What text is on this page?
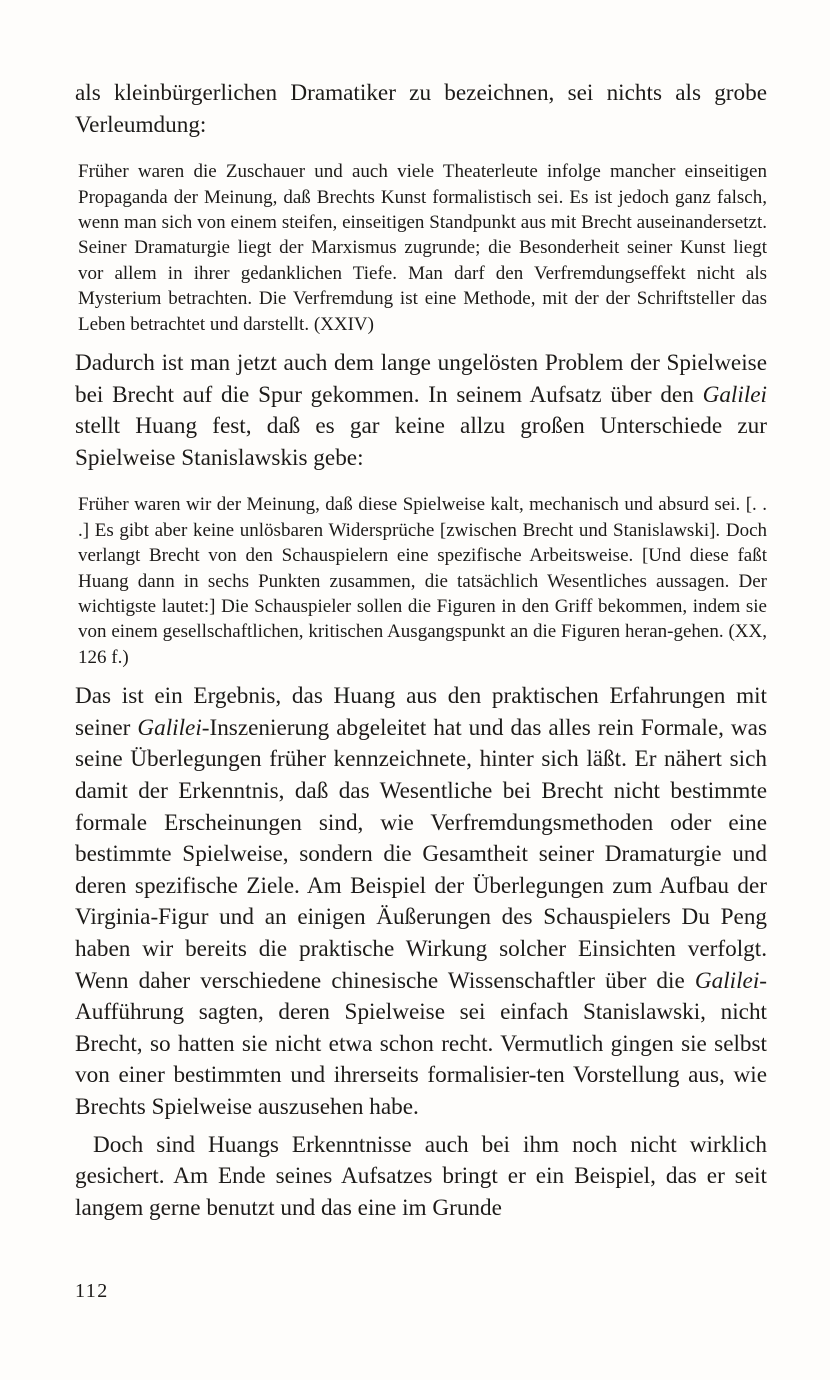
als kleinbürgerlichen Dramatiker zu bezeichnen, sei nichts als grobe Verleumdung:

Früher waren die Zuschauer und auch viele Theaterleute infolge mancher einseitigen Propaganda der Meinung, daß Brechts Kunst formalistisch sei. Es ist jedoch ganz falsch, wenn man sich von einem steifen, einseitigen Standpunkt aus mit Brecht auseinandersetzt. Seiner Dramaturgie liegt der Marxismus zugrunde; die Besonderheit seiner Kunst liegt vor allem in ihrer gedanklichen Tiefe. Man darf den Verfremdungseffekt nicht als Mysterium betrachten. Die Verfremdung ist eine Methode, mit der der Schriftsteller das Leben betrachtet und darstellt. (XXIV)

Dadurch ist man jetzt auch dem lange ungelösten Problem der Spielweise bei Brecht auf die Spur gekommen. In seinem Aufsatz über den Galilei stellt Huang fest, daß es gar keine allzu großen Unterschiede zur Spielweise Stanislawskis gebe:

Früher waren wir der Meinung, daß diese Spielweise kalt, mechanisch und absurd sei. [. . .] Es gibt aber keine unlösbaren Widersprüche [zwischen Brecht und Stanislawski]. Doch verlangt Brecht von den Schauspielern eine spezifische Arbeitsweise. [Und diese faßt Huang dann in sechs Punkten zusammen, die tatsächlich Wesentliches aussagen. Der wichtigste lautet:] Die Schauspieler sollen die Figuren in den Griff bekommen, indem sie von einem gesellschaftlichen, kritischen Ausgangspunkt an die Figuren heran-gehen. (XX, 126 f.)

Das ist ein Ergebnis, das Huang aus den praktischen Erfahrungen mit seiner Galilei-Inszenierung abgeleitet hat und das alles rein Formale, was seine Überlegungen früher kennzeichnete, hinter sich läßt. Er nähert sich damit der Erkenntnis, daß das Wesentliche bei Brecht nicht bestimmte formale Erscheinungen sind, wie Verfremdungsmethoden oder eine bestimmte Spielweise, sondern die Gesamtheit seiner Dramaturgie und deren spezifische Ziele. Am Beispiel der Überlegungen zum Aufbau der Virginia-Figur und an einigen Äußerungen des Schauspielers Du Peng haben wir bereits die praktische Wirkung solcher Einsichten verfolgt. Wenn daher verschiedene chinesische Wissenschaftler über die Galilei-Aufführung sagten, deren Spielweise sei einfach Stanislawski, nicht Brecht, so hatten sie nicht etwa schon recht. Vermutlich gingen sie selbst von einer bestimmten und ihrerseits formalisier-ten Vorstellung aus, wie Brechts Spielweise auszusehen habe.

Doch sind Huangs Erkenntnisse auch bei ihm noch nicht wirklich gesichert. Am Ende seines Aufsatzes bringt er ein Beispiel, das er seit langem gerne benutzt und das eine im Grunde

112
